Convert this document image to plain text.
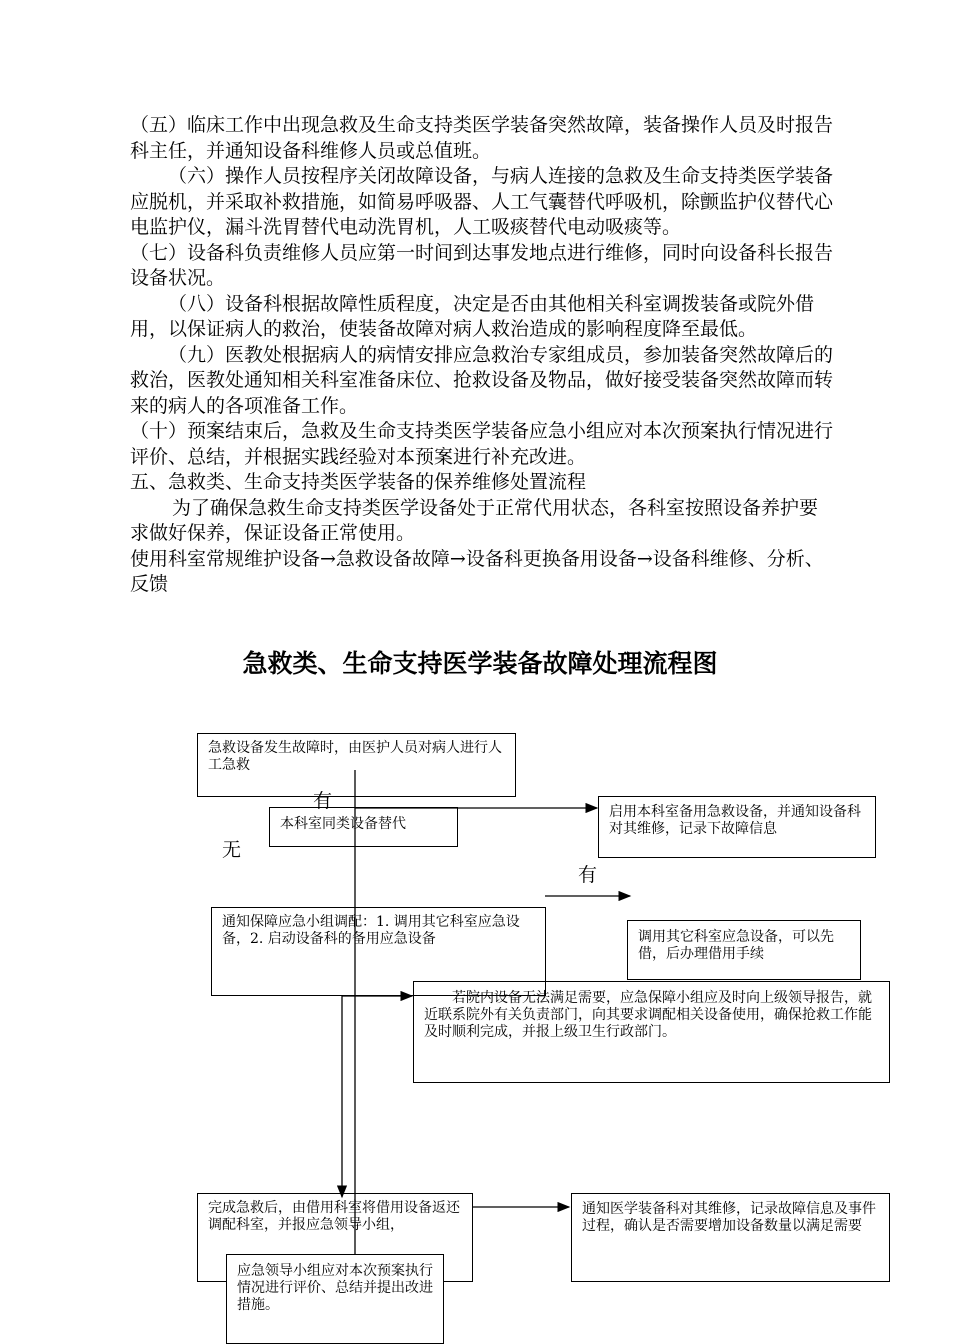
（五）临床工作中出现急救及生命支持类医学装备突然故障，装备操作人员及时报告科主任，并通知设备科维修人员或总值班。

（六）操作人员按程序关闭故障设备，与病人连接的急救及生命支持类医学装备应脱机，并采取补救措施，如简易呼吸器、人工气囊替代呼吸机，除颤监护仪替代心电监护仪，漏斗洗胃替代电动洗胃机，人工吸痰替代电动吸痰等。

（七）设备科负责维修人员应第一时间到达事发地点进行维修，同时向设备科长报告设备状况。

（八）设备科根据故障性质程度，决定是否由其他相关科室调拨装备或院外借用，以保证病人的救治，使装备故障对病人救治造成的影响程度降至最低。

（九）医教处根据病人的病情安排应急救治专家组成员，参加装备突然故障后的救治，医教处通知相关科室准备床位、抢救设备及物品，做好接受装备突然故障而转来的病人的各项准备工作。

（十）预案结束后，急救及生命支持类医学装备应急小组应对本次预案执行情况进行评价、总结，并根据实践经验对本预案进行补充改进。

五、急救类、生命支持类医学装备的保养维修处置流程

为了确保急救生命支持类医学设备处于正常代用状态，各科室按照设备养护要求做好保养，保证设备正常使用。

使用科室常规维护设备→急救设备故障→设备科更换备用设备→设备科维修、分析、反馈

急救类、生命支持医学装备故障处理流程图
急救设备发生故障时，由医护人员对病人进行人工急救
本科室同类设备替代
启用本科室备用急救设备，并通知设备科对其维修，记录下故障信息
通知保障应急小组调配：1. 调用其它科室应急设备，2. 启动设备科的备用应急设备	调用其它科室应急设备，可以先借，后办理借用手续
若院内设备无法满足需要，应急保障小组应及时向上级领导报告，就近联系院外有关负责部门，向其要求调配相关设备使用，确保抢救工作能及时顺利完成，并报上级卫生行政部门。
完成急救后，由借用科室将借用设备返还调配科室，并报应急领导小组，
通知医学装备科对其维修，记录故障信息及事件过程，确认是否需要增加设备数量以满足需要
应急领导小组应对本次预案执行情况进行评价、总结并提出改进措施。
有
无
有
